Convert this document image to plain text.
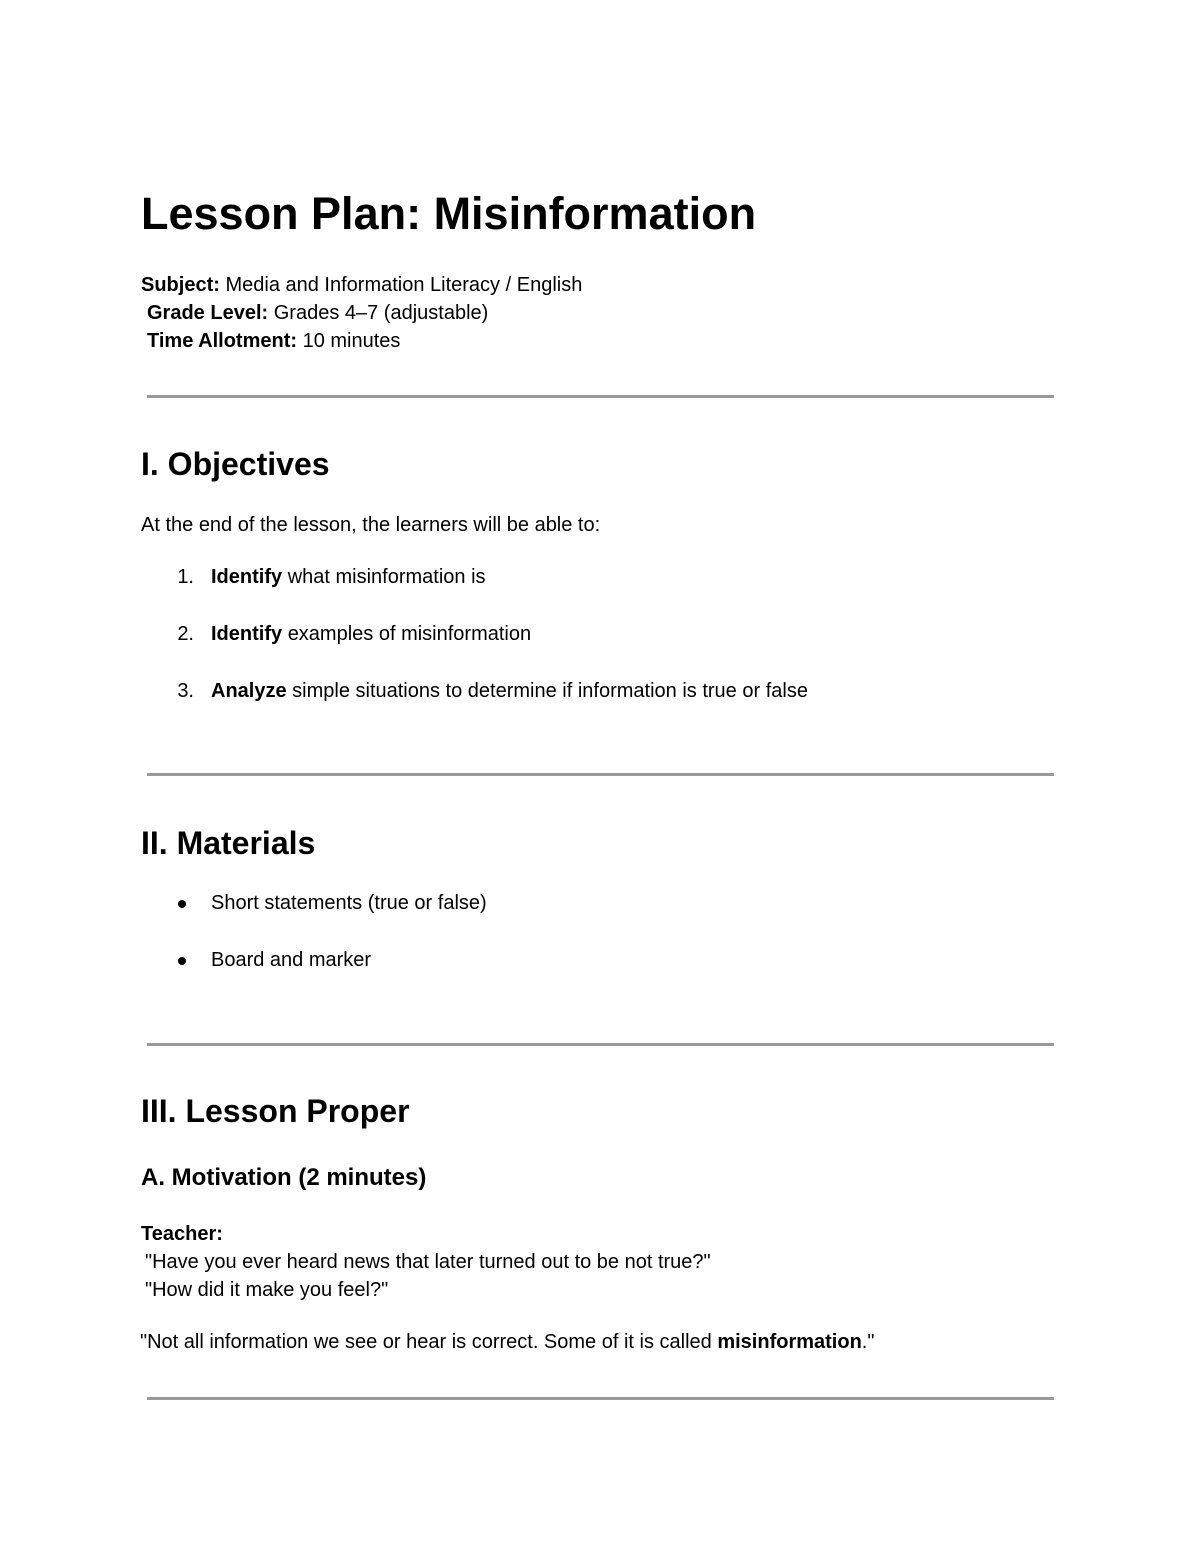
Lesson Plan: Misinformation
Subject: Media and Information Literacy / English
Grade Level: Grades 4–7 (adjustable)
Time Allotment: 10 minutes
I. Objectives
At the end of the lesson, the learners will be able to:
1. Identify what misinformation is
2. Identify examples of misinformation
3. Analyze simple situations to determine if information is true or false
II. Materials
Short statements (true or false)
Board and marker
III. Lesson Proper
A. Motivation (2 minutes)
Teacher:
"Have you ever heard news that later turned out to be not true?"
"How did it make you feel?"
"Not all information we see or hear is correct. Some of it is called misinformation."
